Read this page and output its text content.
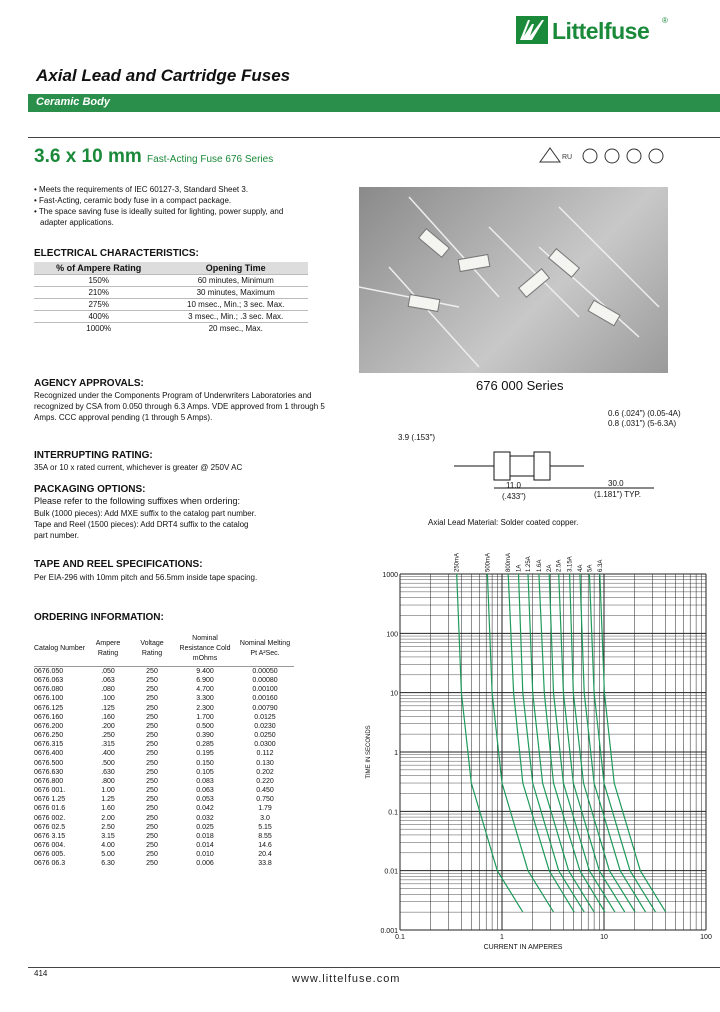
Littelfuse ®
Axial Lead and Cartridge Fuses
Ceramic Body
3.6 x 10 mm Fast-Acting Fuse 676 Series	RU
• Meets the requirements of IEC 60127-3, Standard Sheet 3.
• Fast-Acting, ceramic body fuse in a compact package.
• The space saving fuse is ideally suited for lighting, power supply, and
adapter applications.
ELECTRICAL CHARACTERISTICS:
% of Ampere Rating	Opening Time
150%	60 minutes, Minimum
210%	30 minutes, Maximum
275%	10 msec., Min.; 3 sec. Max.
400%	3 msec., Min.; .3 sec. Max.
1000%	20 msec., Max.
AGENCY APPROVALS:
Recognized under the Components Program of Underwriters Laboratories and recognized by CSA from 0.050 through 6.3 Amps. VDE approved from 1 through 5 Amps. CCC approval pending (1 through 5 Amps).
INTERRUPTING RATING:
35A or 10 x rated current, whichever is greater @ 250V AC
PACKAGING OPTIONS:
Please refer to the following suffixes when ordering:
Bulk (1000 pieces): Add MXE suffix to the catalog part number.
Tape and Reel (1500 pieces): Add DRT4 suffix to the catalog
part number.
TAPE AND REEL SPECIFICATIONS:
Per EIA-296 with 10mm pitch and 56.5mm inside tape spacing.
ORDERING INFORMATION:
Catalog Number	Ampere Rating	Voltage Rating	Nominal Resistance Cold mOhms	Nominal Melting Pt A²Sec.
0676.050	.050	250	9.400	0.00050
0676.063	.063	250	6.900	0.00080
0676.080	.080	250	4.700	0.00100
0676.100	.100	250	3.300	0.00160
0676.125	.125	250	2.300	0.00790
0676.160	.160	250	1.700	0.0125
0676.200	.200	250	0.500	0.0230
0676.250	.250	250	0.390	0.0250
0676.315	.315	250	0.285	0.0300
0676.400	.400	250	0.195	0.112
0676.500	.500	250	0.150	0.130
0676.630	.630	250	0.105	0.202
0676.800	.800	250	0.083	0.220
0676 001.	1.00	250	0.063	0.450
0676 1.25	1.25	250	0.053	0.750
0676 01.6	1.60	250	0.042	1.79
0676 002.	2.00	250	0.032	3.0
0676 02.5	2.50	250	0.025	5.15
0676 3.15	3.15	250	0.018	8.55
0676 004.	4.00	250	0.014	14.6
0676 005.	5.00	250	0.010	20.4
0676 06.3	6.30	250	0.006	33.8
676 000 Series
0.6 (.024") (0.05-4A)
0.8 (.031") (5-6.3A)
3.9 (.153")
11.0
(.433")
30.0
(1.181") TYP.
Axial Lead Material: Solder coated copper.
250mA	500mA 800mA 1A 1.25A 1.6A 2A 2.5A 3.15A 4A 5A 6.3A
0.1	1	10	100
1000
100
10
1
0.1
0.01
0.001
CURRENT IN AMPERES
TIME IN SECONDS
414	www.littelfuse.com
